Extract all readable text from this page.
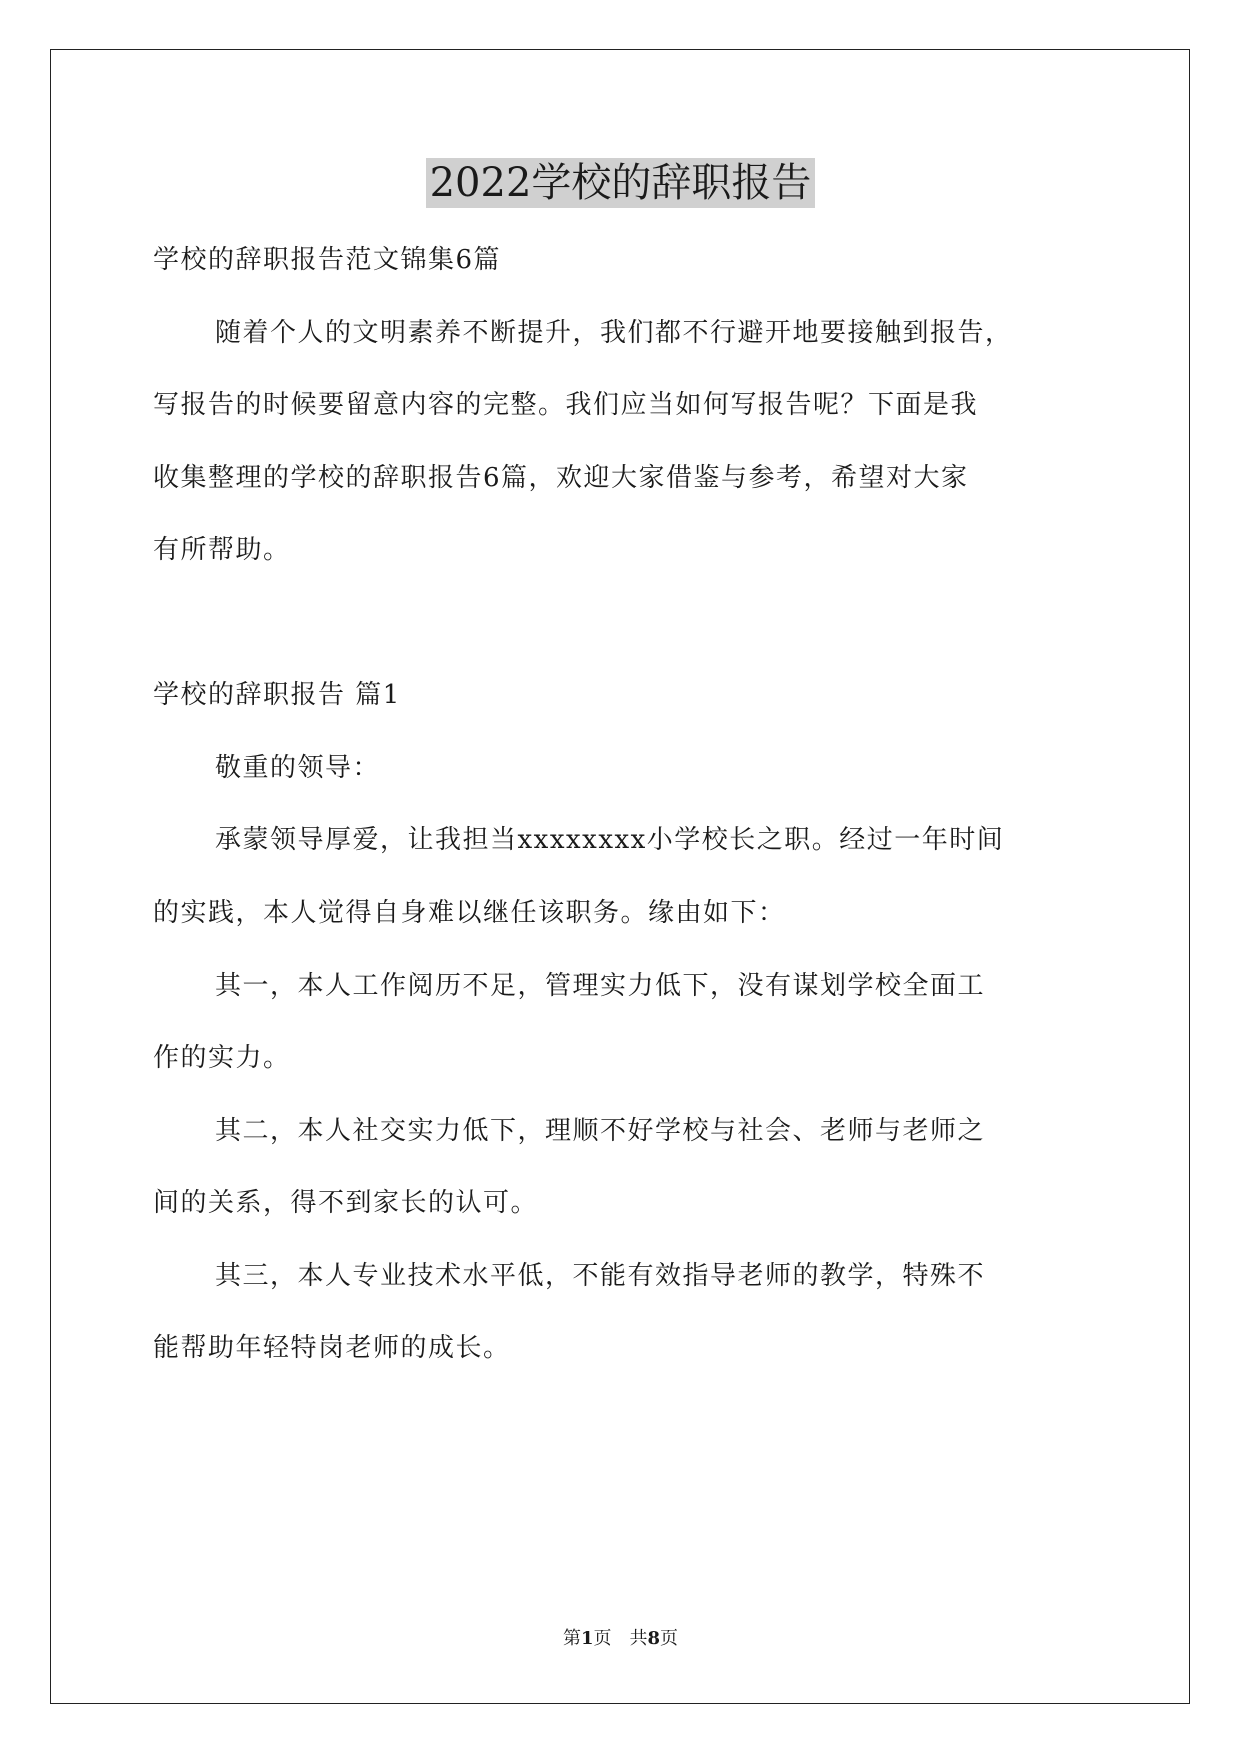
2022学校的辞职报告
学校的辞职报告范文锦集6篇
随着个人的文明素养不断提升，我们都不行避开地要接触到报告，
写报告的时候要留意内容的完整。我们应当如何写报告呢？下面是我
收集整理的学校的辞职报告6篇，欢迎大家借鉴与参考，希望对大家
有所帮助。
学校的辞职报告 篇1
敬重的领导：
承蒙领导厚爱，让我担当xxxxxxxx小学校长之职。经过一年时间
的实践，本人觉得自身难以继任该职务。缘由如下：
其一，本人工作阅历不足，管理实力低下，没有谋划学校全面工
作的实力。
其二，本人社交实力低下，理顺不好学校与社会、老师与老师之
间的关系，得不到家长的认可。
其三，本人专业技术水平低，不能有效指导老师的教学，特殊不
能帮助年轻特岗老师的成长。
第1页　共8页
